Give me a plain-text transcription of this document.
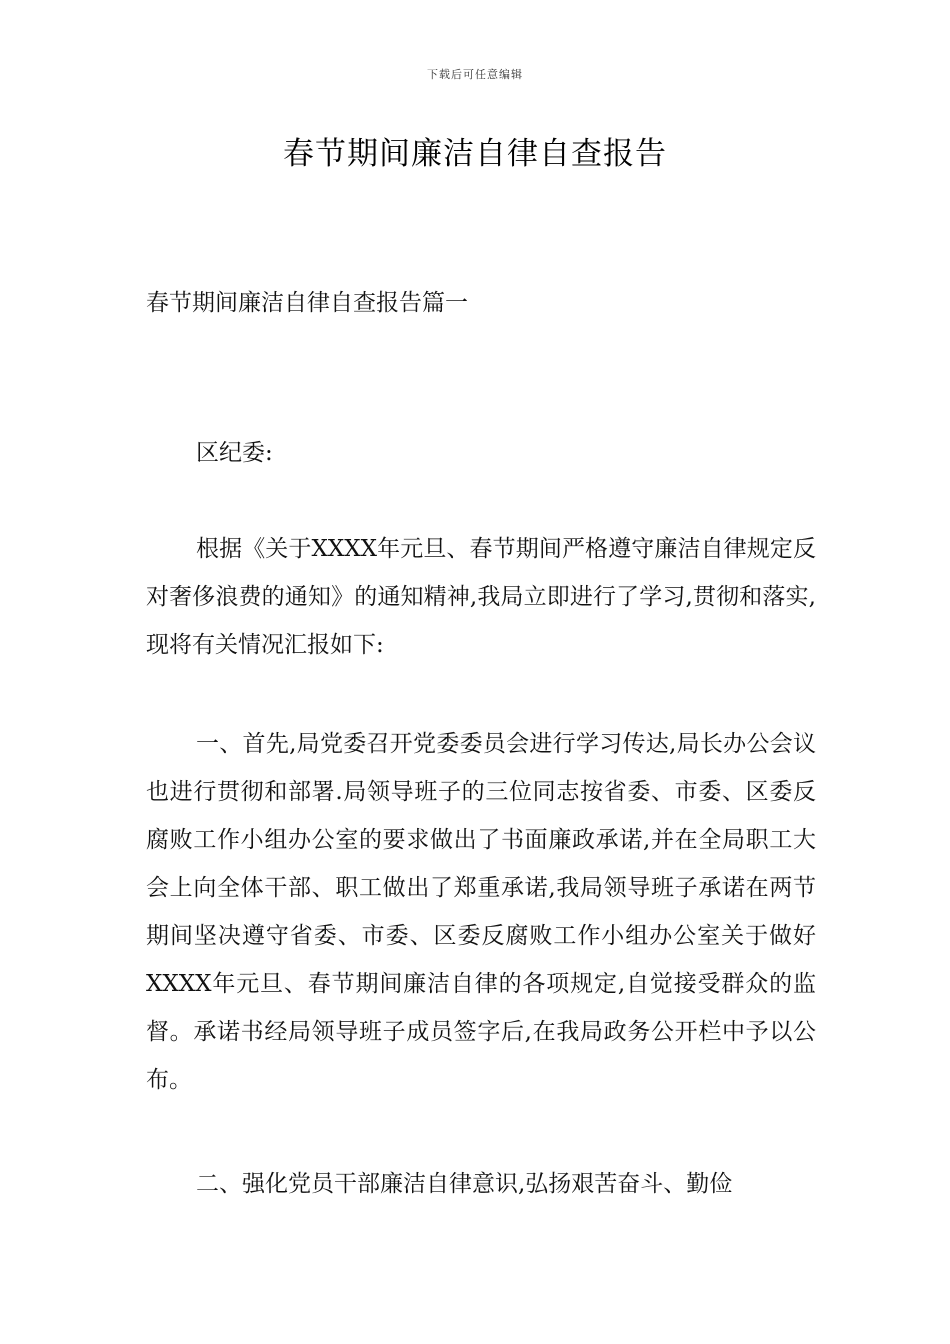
下载后可任意编辑
春节期间廉洁自律自查报告

春节期间廉洁自律自查报告篇一

区纪委:

根据《关于XXXX年元旦、春节期间严格遵守廉洁自律规定反对奢侈浪费的通知》的通知精神,我局立即进行了学习,贯彻和落实,现将有关情况汇报如下:

一、首先,局党委召开党委委员会进行学习传达,局长办公会议也进行贯彻和部署.局领导班子的三位同志按省委、市委、区委反腐败工作小组办公室的要求做出了书面廉政承诺,并在全局职工大会上向全体干部、职工做出了郑重承诺,我局领导班子承诺在两节期间坚决遵守省委、市委、区委反腐败工作小组办公室关于做好XXXX年元旦、春节期间廉洁自律的各项规定,自觉接受群众的监督。承诺书经局领导班子成员签字后,在我局政务公开栏中予以公布。

二、强化党员干部廉洁自律意识,弘扬艰苦奋斗、勤俭
